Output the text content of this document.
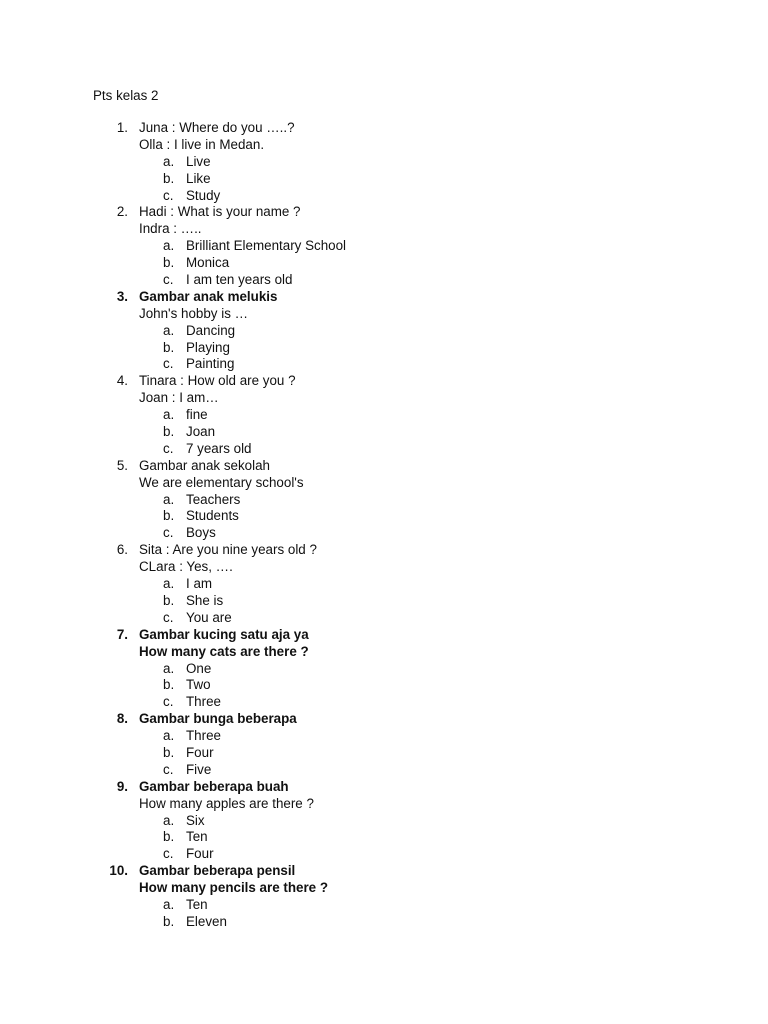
Pts kelas 2
1. Juna : Where do you …..?
Olla : I live in Medan.
a. Live
b. Like
c. Study
2. Hadi : What is your name ?
Indra : …..
a. Brilliant Elementary School
b. Monica
c. I am ten years old
3. Gambar anak melukis
John's hobby is …
a. Dancing
b. Playing
c. Painting
4. Tinara : How old are you ?
Joan : I am…
a. fine
b. Joan
c. 7 years old
5. Gambar anak sekolah
We are elementary school's
a. Teachers
b. Students
c. Boys
6. Sita : Are you nine years old ?
CLara : Yes, ….
a. I am
b. She is
c. You are
7. Gambar kucing satu aja ya
How many cats are there ?
a. One
b. Two
c. Three
8. Gambar bunga beberapa
a. Three
b. Four
c. Five
9. Gambar beberapa buah
How many apples are there ?
a. Six
b. Ten
c. Four
10. Gambar beberapa pensil
How many pencils are there ?
a. Ten
b. Eleven
